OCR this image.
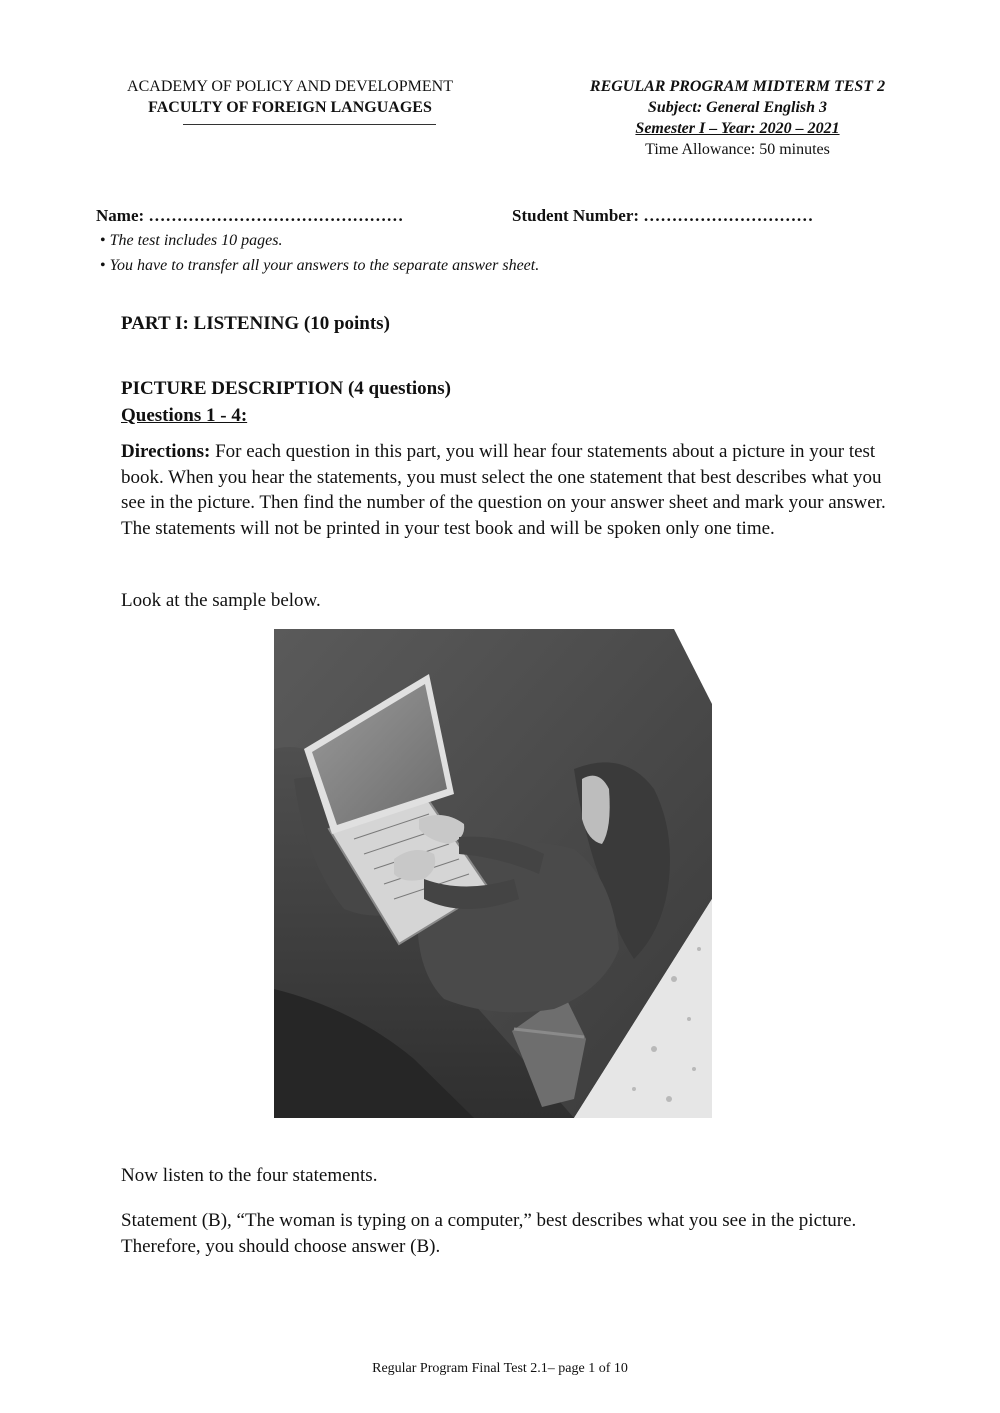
ACADEMY OF POLICY AND DEVELOPMENT
FACULTY OF FOREIGN LANGUAGES
REGULAR PROGRAM MIDTERM TEST 2
Subject: General English 3
Semester I – Year: 2020 – 2021
Time Allowance: 50 minutes
Name: ………………………………………	Student Number: …………………………
• The test includes 10 pages.
• You have to transfer all your answers to the separate answer sheet.
PART I: LISTENING (10 points)
PICTURE DESCRIPTION (4 questions)
Questions 1 - 4:
Directions: For each question in this part, you will hear four statements about a picture in your test book. When you hear the statements, you must select the one statement that best describes what you see in the picture. Then find the number of the question on your answer sheet and mark your answer. The statements will not be printed in your test book and will be spoken only one time.
Look at the sample below.
Now listen to the four statements.
Statement (B), “The woman is typing on a computer,” best describes what you see in the picture. Therefore, you should choose answer (B).
Regular Program Final Test 2.1– page 1 of 10
